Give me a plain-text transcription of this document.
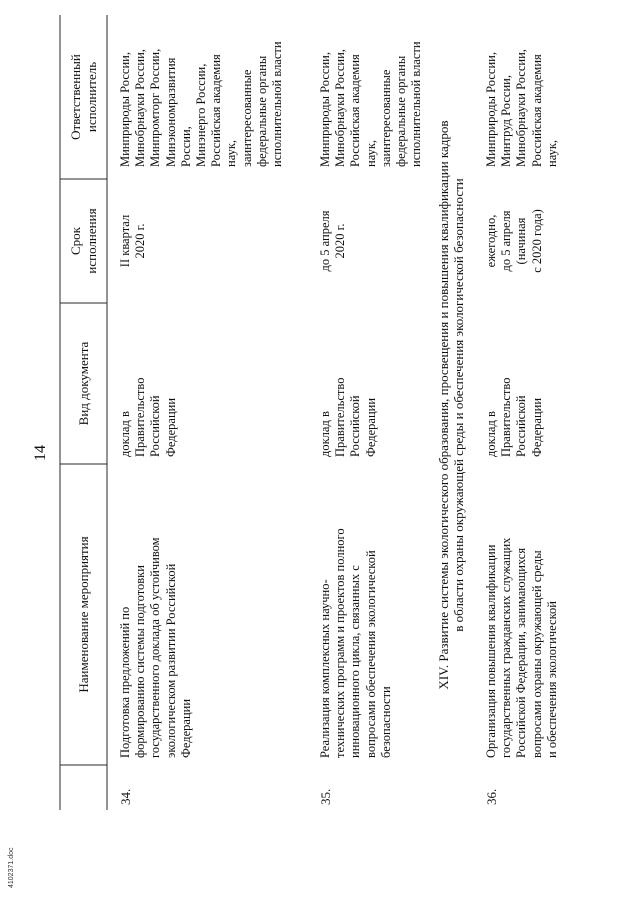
14
Наименование мероприятия
Вид документа
Срок
исполнения
Ответственный
исполнитель
34.
Подготовка предложений по
формированию системы подготовки
государственного доклада об устойчивом
экологическом развитии Российской
Федерации
доклад в
Правительство
Российской
Федерации
II квартал
2020 г.
Минприроды России,
Минобрнауки России,
Минпромторг России,
Минэкономразвития
России,
Минэнерго России,
Российская академия
наук,
заинтересованные
федеральные органы
исполнительной власти
35.
Реализация комплексных научно-
технических программ и проектов полного
инновационного цикла, связанных с
вопросами обеспечения экологической
безопасности
доклад в
Правительство
Российской
Федерации
до 5 апреля
2020 г.
Минприроды России,
Минобрнауки России,
Российская академия
наук,
заинтересованные
федеральные органы
исполнительной власти
XIV. Развитие системы экологического образования, просвещения и повышения квалификации кадров
в области охраны окружающей среды и обеспечения экологической безопасности
36.
Организация повышения квалификации
государственных гражданских служащих
Российской Федерации, занимающихся
вопросами охраны окружающей среды
и обеспечения экологической
доклад в
Правительство
Российской
Федерации
ежегодно,
до 5 апреля
(начиная
с 2020 года)
Минприроды России,
Минтруд России,
Минобрнауки России,
Российская академия
наук,
4102371.doc
